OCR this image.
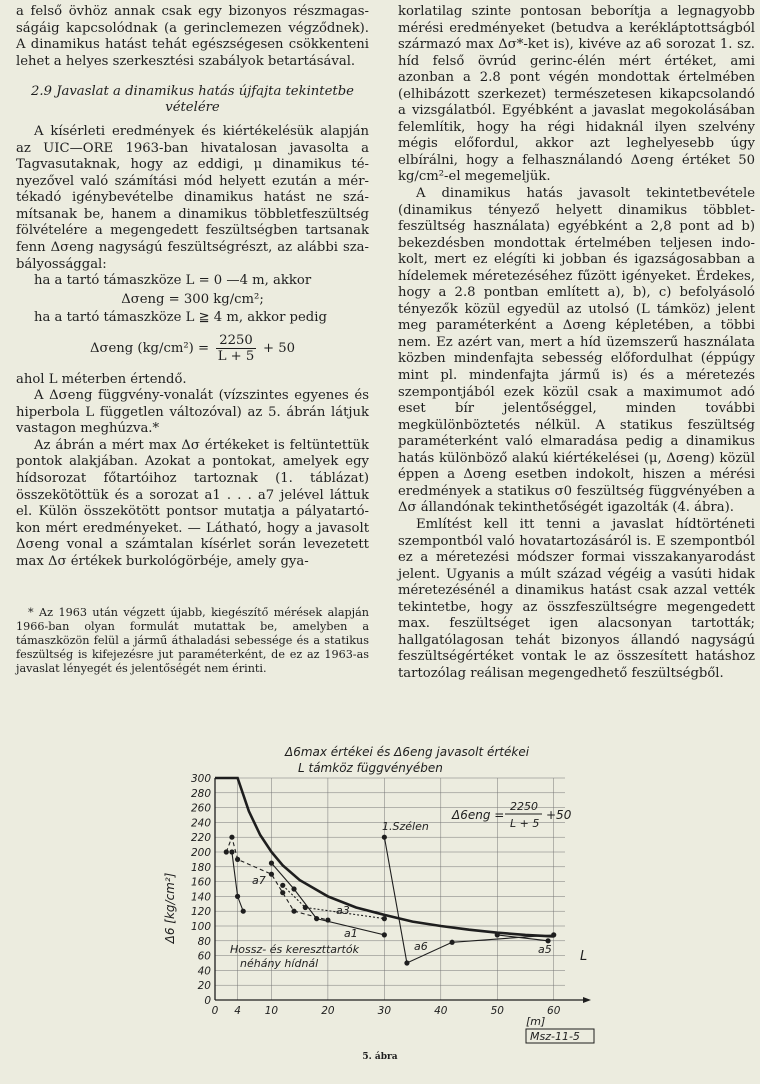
a felső övhöz annak csak egy bizonyos részmagasságáig kapcsolódnak (a gerinclemezen végződnek). A dinamikus hatást tehát egészségesen csökkenteni lehet a helyes szerkesztési szabályok betartásával.

2.9 Javaslat a dinamikus hatás újfajta tekintetbe vételére

A kísérleti eredmények és kiértékelésük alapján az UIC—ORE 1963-ban hivatalosan javasolta a Tagvasutaknak, hogy az eddigi, μ dinamikus tényezővel való számítási mód helyett ezután a mértékadó igénybevételbe dinamikus hatást ne számítsanak be, hanem a dinamikus többletfeszültség fölvételére a megengedett feszültségben tartsanak fenn Δσeng nagyságú feszültségrészt, az alábbi szabályossággal:

ha a tartó támaszköze L = 0 —4 m, akkor

Δσeng = 300 kg/cm²;

ha a tartó támaszköze L ≧ 4 m, akkor pedig

Δσeng $(kg/cm^2) = \frac{2250}{L + 5} + 50$

ahol L méterben értendő.

A Δσeng függvény-vonalát (vízszintes egyenes és hiperbola L független változóval) az 5. ábrán látjuk vastagon meghúzva.*

Az ábrán a mért max Δσ értékeket is feltüntettük pontok alakjában. Azokat a pontokat, amelyek egy hídsorozat főtartóihoz tartoznak (1. táblázat) összekötöttük és a sorozat a1 . . . a7 jelével láttuk el. Külön összekötött pontsor mutatja a pályatartókon mért eredményeket. — Látható, hogy a javasolt Δσeng vonal a számtalan kísérlet során levezetett max Δσ értékek burkológörbéje, amely gya-

* Az 1963 után végzett újabb, kiegészítő mérések alapján 1966-ban olyan formulát mutattak be, amelyben a támaszközön felül a jármű áthaladási sebessége és a statikus feszültség is kifejezésre jut paraméterként, de ez az 1963-as javaslat lényegét és jelentőségét nem érinti.

korlatilag szinte pontosan beborítja a legnagyobb mérési eredményeket (betudva a kerékláptottságból származó max Δσ*-ket is), kivéve az a6 sorozat 1. sz. híd felső övrúd gerinc-élén mért értéket, ami azonban a 2.8 pont végén mondottak értelmében (elhibázott szerkezet) természetesen kikapcsolandó a vizsgálatból. Egyébként a javaslat megokolásában felemlítik, hogy ha régi hidaknál ilyen szelvény mégis előfordul, akkor azt leghelyesebb úgy elbírálni, hogy a felhasználandó Δσeng értéket 50 kg/cm²-el megemeljük.

A dinamikus hatás javasolt tekintetbevétele (dinamikus tényező helyett dinamikus többletfeszültség használata) egyébként a 2,8 pont ad b) bekezdésben mondottak értelmében teljesen indokolt, mert ez elégíti ki jobban és igazságosabban a hídelemek méretezéséhez fűzött igényeket. Érdekes, hogy a 2.8 pontban említett a), b), c) befolyásoló tényezők közül egyedül az utolsó (L támköz) jelent meg paraméterként a Δσeng képletében, a többi nem. Ez azért van, mert a híd üzemszerű használata közben mindenfajta sebesség előfordulhat (éppúgy mint pl. mindenfajta jármű is) és a méretezés szempontjából ezek közül csak a maximumot adó eset bír jelentőséggel, minden további megkülönböztetés nélkül. A statikus feszültség paraméterként való elmaradása pedig a dinamikus hatás különböző alakú kiértékelései (μ, Δσeng) közül éppen a Δσeng esetben indokolt, hiszen a mérési eredmények a statikus σ0 feszültség függvényében a Δσ állandónak tekinthetőségét igazolták (4. ábra).

Említést kell itt tenni a javaslat hídtörténeti szempontból való hovatartozásáról is. E szempontból ez a méretezési módszer formai visszakanyarodást jelent. Ugyanis a múlt század végéig a vasúti hidak méretezésénél a dinamikus hatást csak azzal vették tekintetbe, hogy az összfeszültségre megengedett max. feszültséget igen alacsonyan tartották; hallgatólagosan tehát bizonyos állandó nagyságú feszültségértéket vontak le az összesített hatáshoz tartozólag reálisan megengedhető feszültségből.

0
20
40
60
80
100
120
140
160
180
200
220
240
260
280
300
0 4 10	20	30	40	50	60
Δ6max értékei és Δ6eng javasolt értékei
L támköz függvényében
Δ6 [kg/cm²]
L
[m]
Msz-11-5
Δ6eng =
2250
L + 5
+50
1.Szélen
Hossz- és kereszttartók
néhány hídnál
a7
a3
a1
a6	a5
5. ábra
